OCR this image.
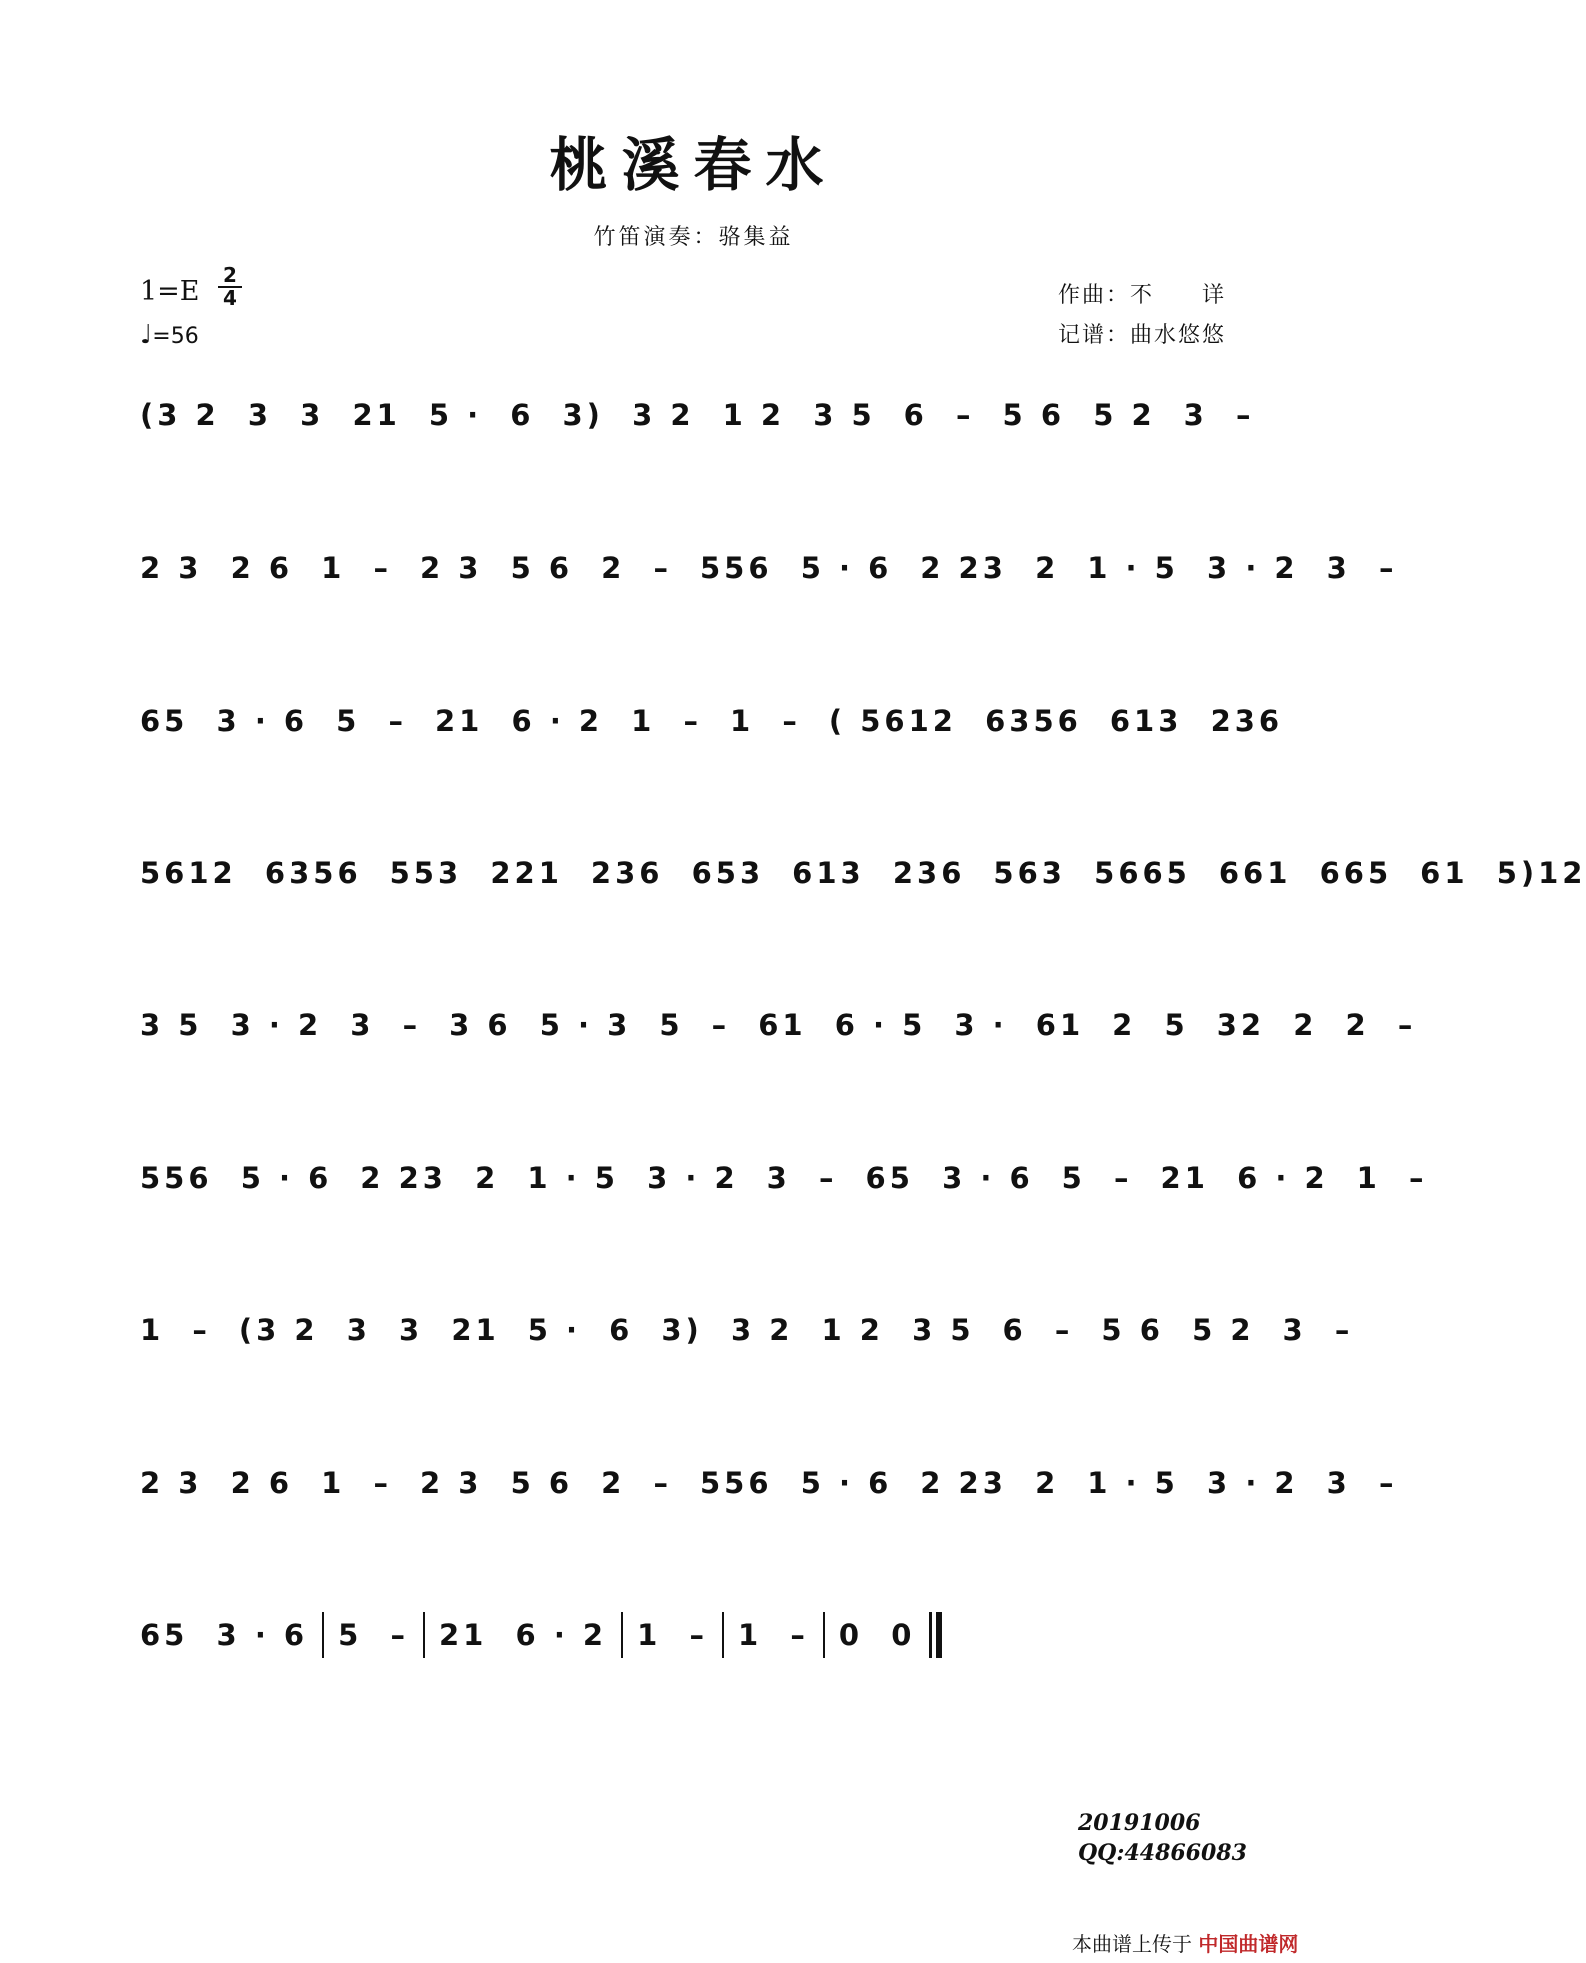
桃溪春水
竹笛演奏：骆集益
1=E
2
4
♩=56
作曲：不　　详
记谱：曲水悠悠
(3 2  3 3  21 5 ·  6 3)  3 2 1 2  3 5 6  – 5 6  5 2 3  –
2 3  2 6 1  – 2 3  5 6 2  – 556  5 · 6 2 23  2 1 · 5  3 · 2 3  –
65  3 · 6 5  – 21  6 · 2 1  – 1  – ( 5612  6356 613  236
5612  6356 553  221 236  653 613  236 563  5665 661  665 61  5)12
3 5  3 · 2 3  – 3 6  5 · 3 5  – 61  6 · 5 3 ·  61 2  5 32  2 2  –
556  5 · 6 2 23  2 1 · 5  3 · 2 3  – 65  3 · 6 5  – 21  6 · 2 1  –
1  – (3 2  3 3  21 5 ·  6 3)  3 2 1 2  3 5 6  – 5 6  5 2 3  –
2 3  2 6 1  – 2 3  5 6 2  – 556  5 · 6 2 23  2 1 · 5  3 · 2 3  –
65  3 · 6 5  – 21  6 · 2 1  – 1  – 0  0
20191006
QQ:44866083
本曲谱上传于 中国曲谱网
